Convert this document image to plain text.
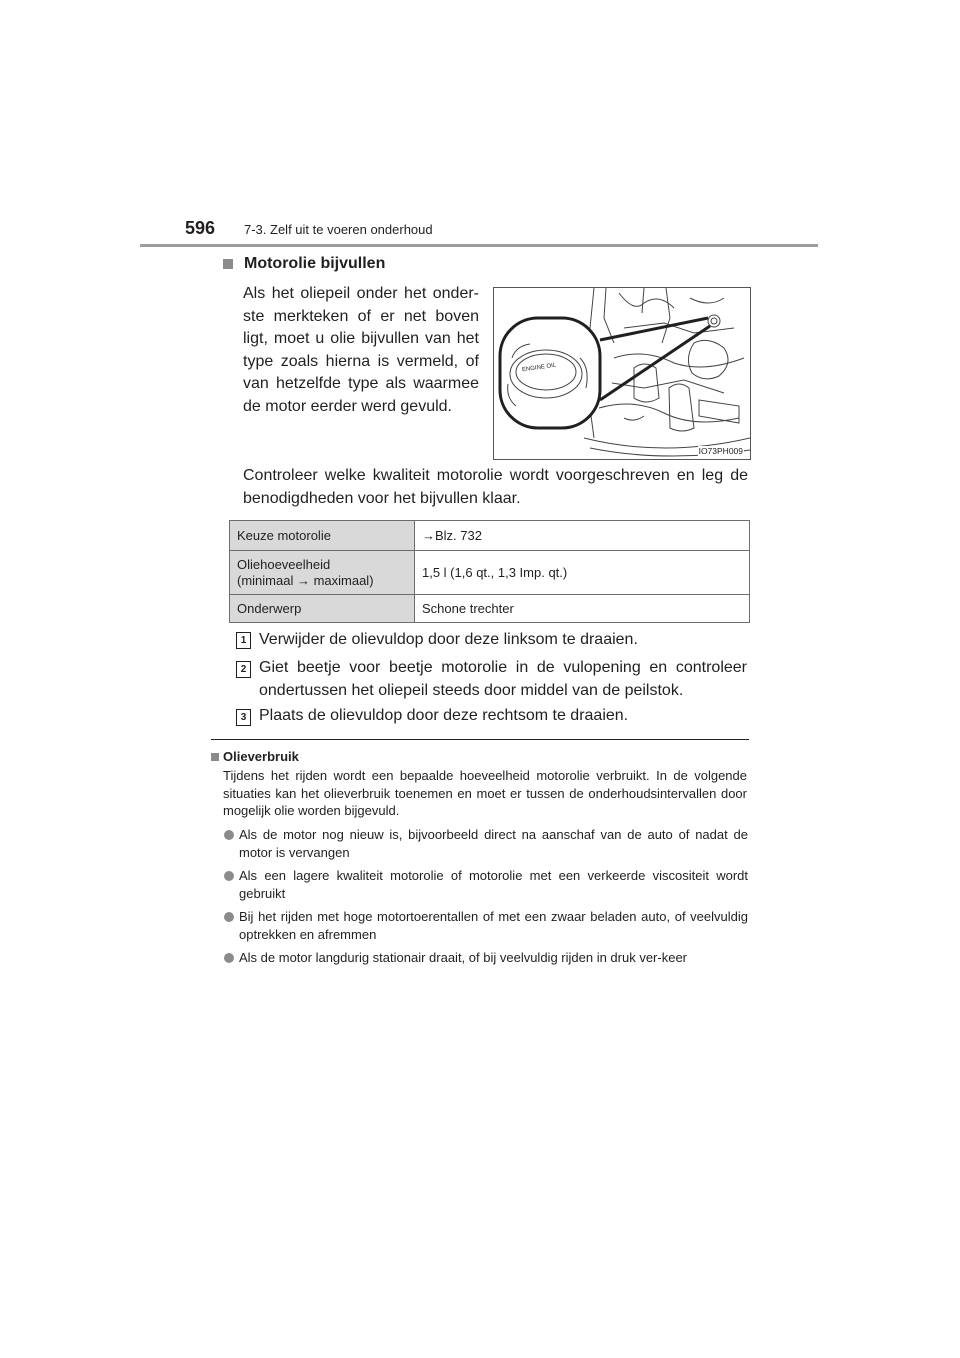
596 7-3. Zelf uit te voeren onderhoud
Motorolie bijvullen
Als het oliepeil onder het onder-ste merkteken of er net boven ligt, moet u olie bijvullen van het type zoals hierna is vermeld, of van hetzelfde type als waarmee de motor eerder werd gevuld.
ENGINE OIL
IO73PH009
Controleer welke kwaliteit motorolie wordt voorgeschreven en leg de benodigdheden voor het bijvullen klaar.
Keuze motorolie	→Blz. 732
Oliehoeveelheid
(minimaal → maximaal)	1,5 l (1,6 qt., 1,3 Imp. qt.)
Onderwerp	Schone trechter
1 Verwijder de olievuldop door deze linksom te draaien.
2 Giet beetje voor beetje motorolie in de vulopening en controleer ondertussen het oliepeil steeds door middel van de peilstok.
3 Plaats de olievuldop door deze rechtsom te draaien.
Olieverbruik
Tijdens het rijden wordt een bepaalde hoeveelheid motorolie verbruikt. In de volgende situaties kan het olieverbruik toenemen en moet er tussen de onderhoudsintervallen door mogelijk olie worden bijgevuld.
Als de motor nog nieuw is, bijvoorbeeld direct na aanschaf van de auto of nadat de motor is vervangen
Als een lagere kwaliteit motorolie of motorolie met een verkeerde viscositeit wordt gebruikt
Bij het rijden met hoge motortoerentallen of met een zwaar beladen auto, of veelvuldig optrekken en afremmen
Als de motor langdurig stationair draait, of bij veelvuldig rijden in druk ver-keer
